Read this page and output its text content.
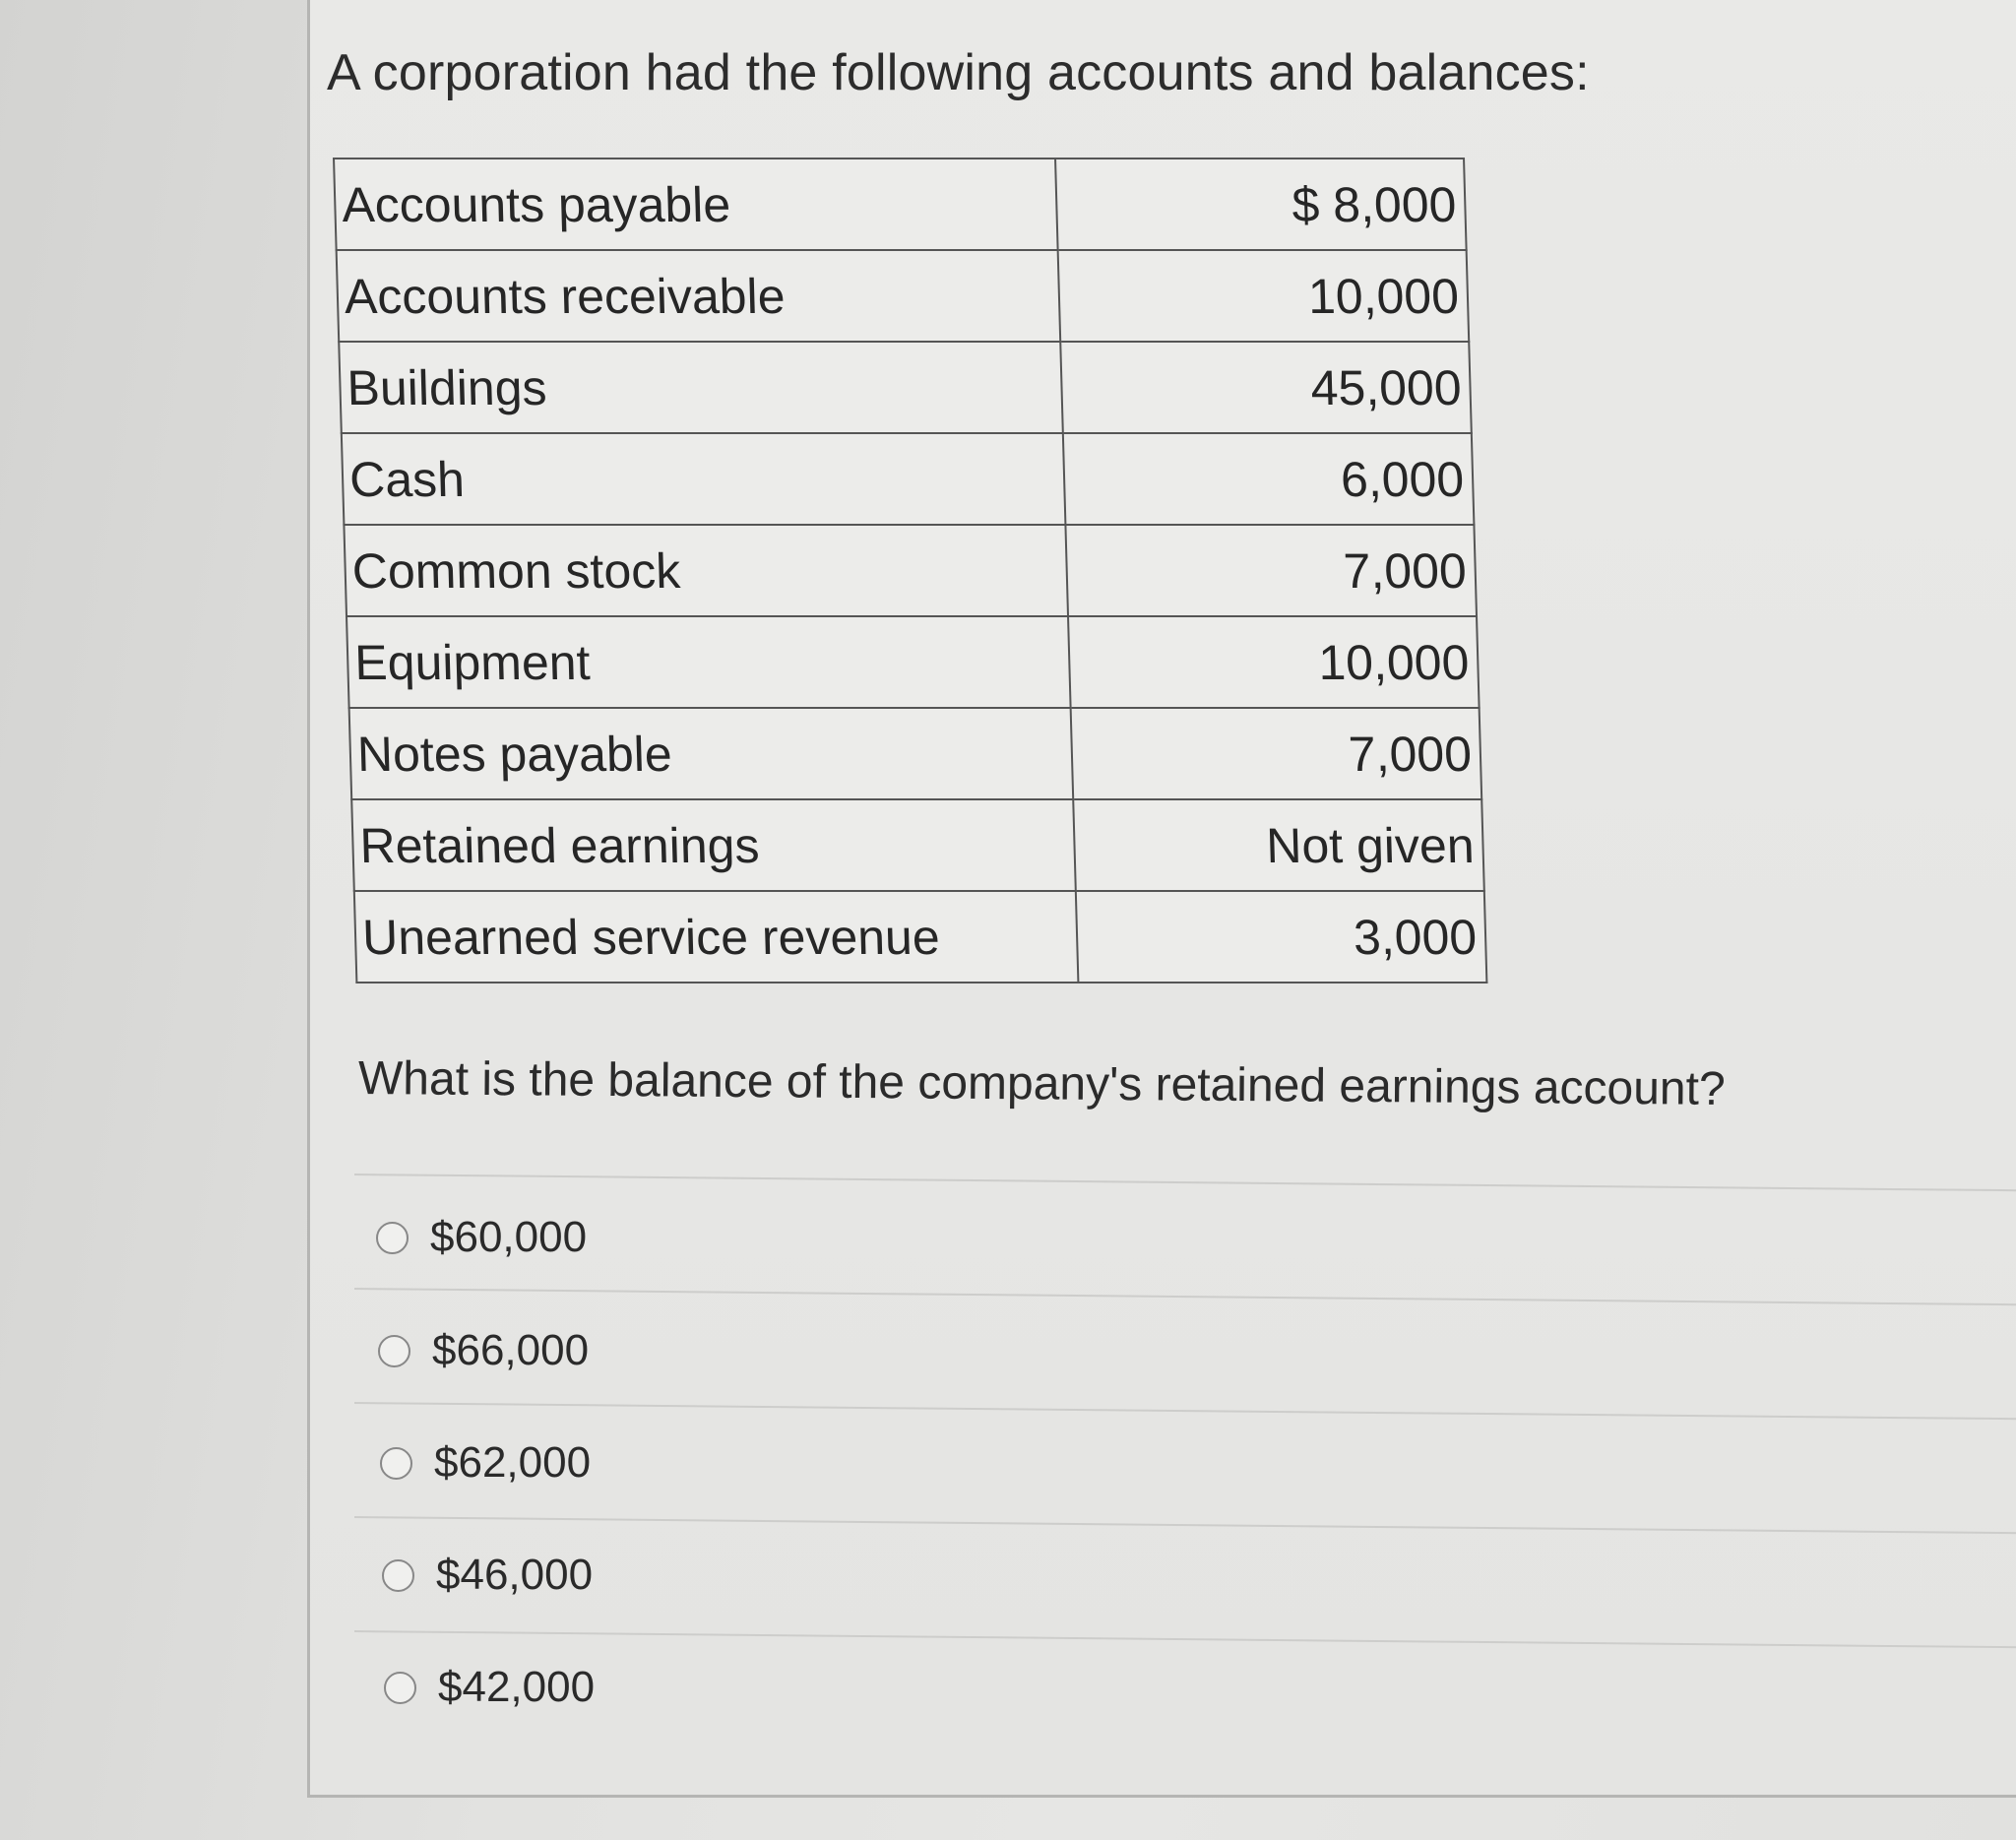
A corporation had the following accounts and balances:
Accounts payable	$ 8,000
Accounts receivable	10,000
Buildings	45,000
Cash	6,000
Common stock	7,000
Equipment	10,000
Notes payable	7,000
Retained earnings	Not given
Unearned service revenue	3,000
What is the balance of the company's retained earnings account?
$60,000
$66,000
$62,000
$46,000
$42,000
